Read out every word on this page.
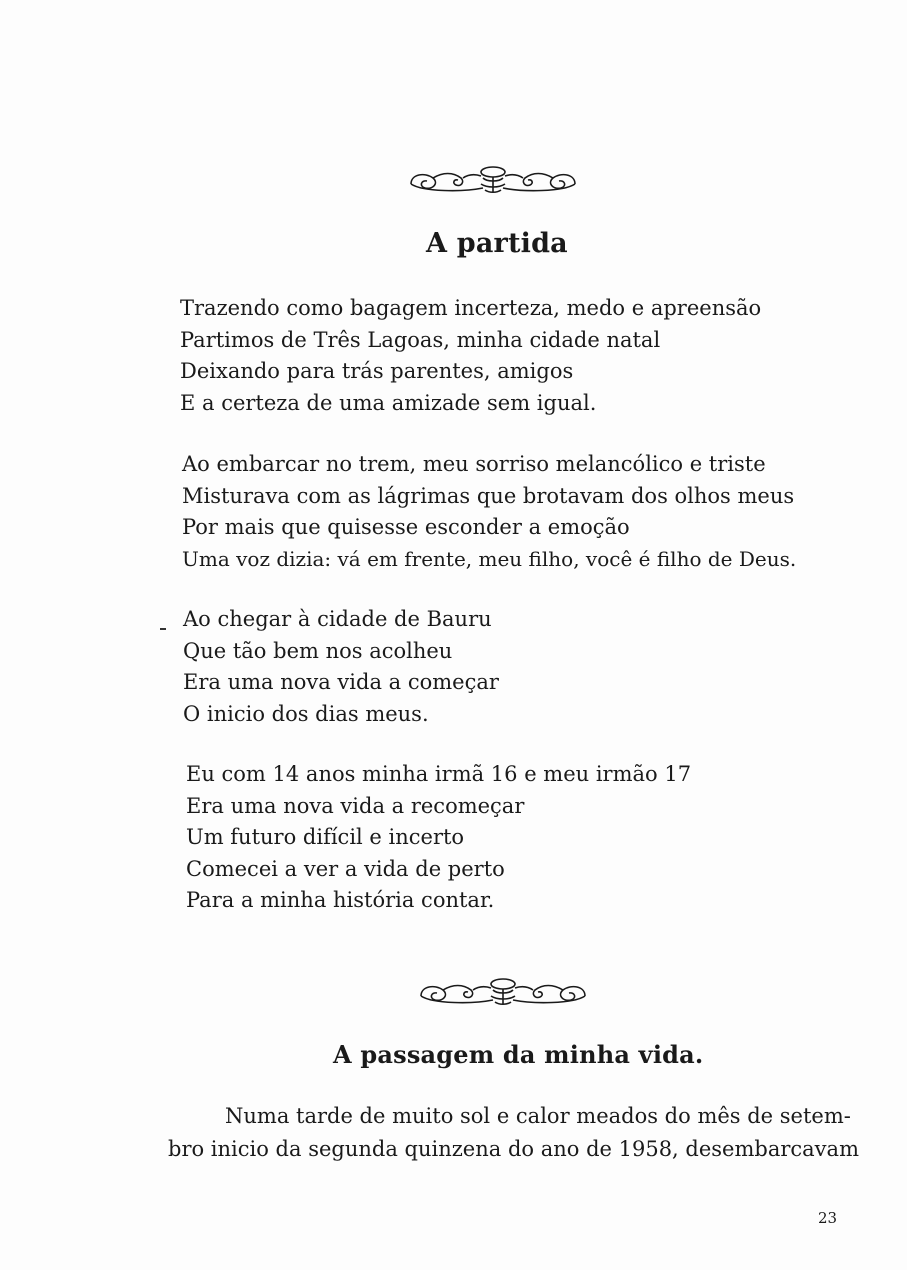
A partida
Trazendo como bagagem incerteza, medo e apreensão
Partimos de Três Lagoas, minha cidade natal
Deixando para trás parentes, amigos
E a certeza de uma amizade sem igual.
Ao embarcar no trem, meu sorriso melancólico e triste
Misturava com as lágrimas que brotavam dos olhos meus
Por mais que quisesse esconder a emoção
Uma voz dizia: vá em frente, meu filho, você é filho de Deus.
Ao chegar à cidade de Bauru
Que tão bem nos acolheu
Era uma nova vida a começar
O inicio dos dias meus.
Eu com 14 anos minha irmã 16 e meu irmão 17
Era uma nova vida a recomeçar
Um futuro difícil e incerto
Comecei a ver a vida de perto
Para a minha história contar.
A passagem da minha vida.
Numa tarde de muito sol e calor meados do mês de setem-
bro inicio da segunda quinzena do ano de 1958, desembarcavam

23
